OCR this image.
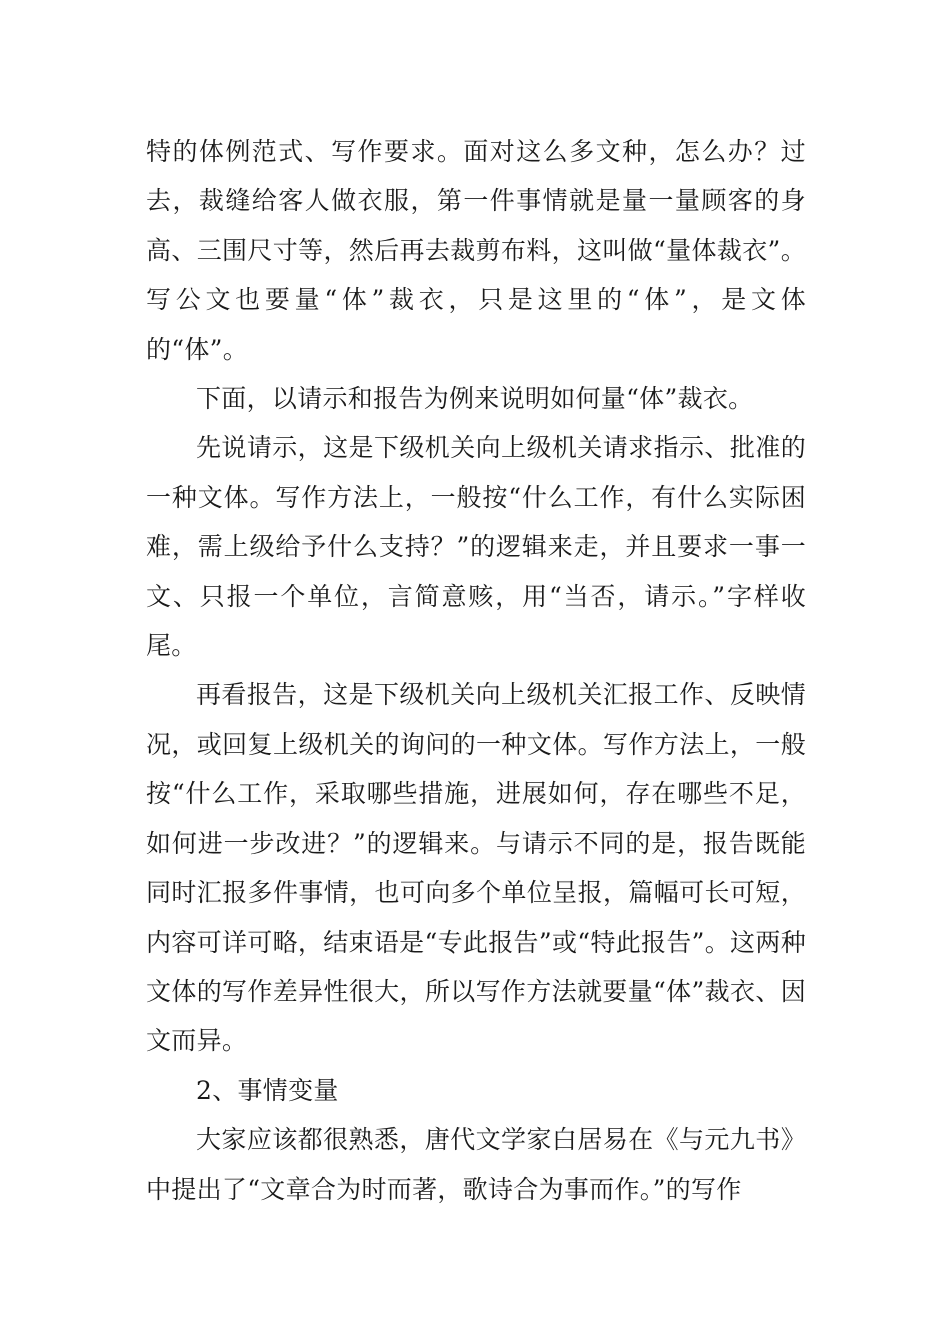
特的体例范式、写作要求。面对这么多文种，怎么办？过去，裁缝给客人做衣服，第一件事情就是量一量顾客的身高、三围尺寸等，然后再去裁剪布料，这叫做“量体裁衣”。写公文也要量“体”裁衣，只是这里的“体”，是文体的“体”。

下面，以请示和报告为例来说明如何量“体”裁衣。

先说请示，这是下级机关向上级机关请求指示、批准的一种文体。写作方法上，一般按“什么工作，有什么实际困难，需上级给予什么支持？”的逻辑来走，并且要求一事一文、只报一个单位，言简意赅，用“当否，请示。”字样收尾。

再看报告，这是下级机关向上级机关汇报工作、反映情况，或回复上级机关的询问的一种文体。写作方法上，一般按“什么工作，采取哪些措施，进展如何，存在哪些不足，如何进一步改进？”的逻辑来。与请示不同的是，报告既能同时汇报多件事情，也可向多个单位呈报，篇幅可长可短，内容可详可略，结束语是“专此报告”或“特此报告”。这两种文体的写作差异性很大，所以写作方法就要量“体”裁衣、因文而异。

2、事情变量

大家应该都很熟悉，唐代文学家白居易在《与元九书》中提出了“文章合为时而著，歌诗合为事而作。”的写作
